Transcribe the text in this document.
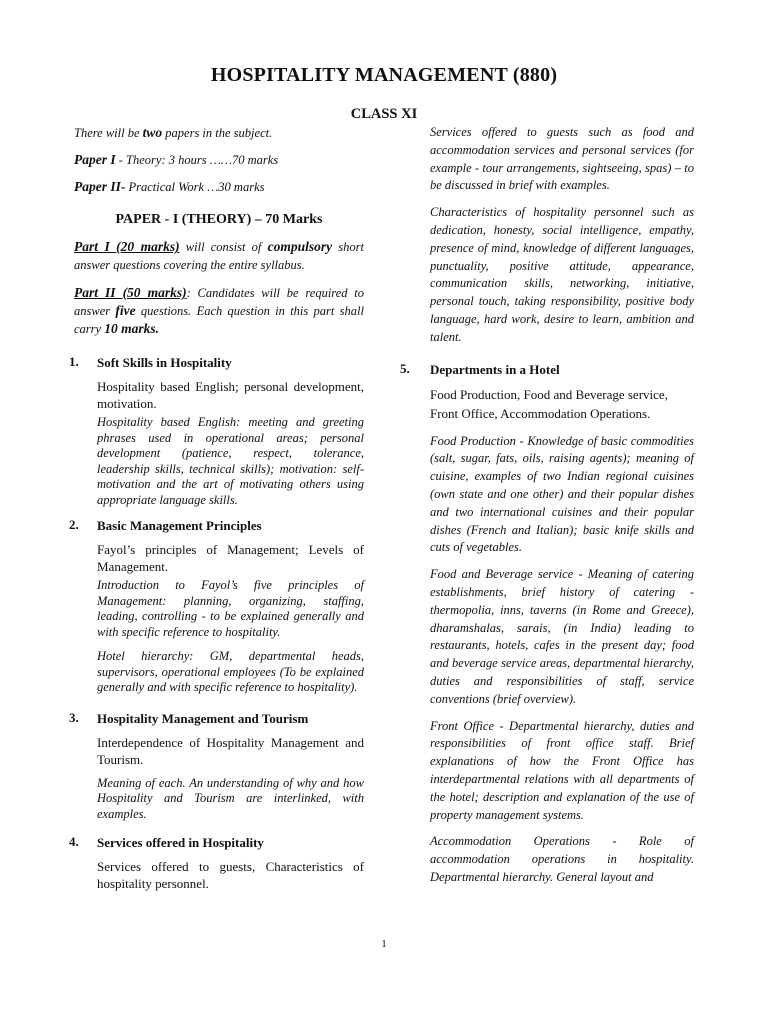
HOSPITALITY MANAGEMENT (880)
CLASS XI

There will be two papers in the subject.

Paper I - Theory: 3 hours ……70 marks

Paper II- Practical Work …30 marks

PAPER - I (THEORY) – 70 Marks

Part I (20 marks) will consist of compulsory short answer questions covering the entire syllabus.

Part II (50 marks): Candidates will be required to answer five questions. Each question in this part shall carry 10 marks.

1. Soft Skills in Hospitality

Hospitality based English; personal development, motivation.

Hospitality based English: meeting and greeting phrases used in operational areas; personal development (patience, respect, tolerance, leadership skills, technical skills); motivation: self-motivation and the art of motivating others using appropriate language skills.

2. Basic Management Principles

Fayol’s principles of Management; Levels of Management.

Introduction to Fayol’s five principles of Management: planning, organizing, staffing, leading, controlling - to be explained generally and with specific reference to hospitality.

Hotel hierarchy: GM, departmental heads, supervisors, operational employees (To be explained generally and with specific reference to hospitality).

3. Hospitality Management and Tourism

Interdependence of Hospitality Management and Tourism.

Meaning of each. An understanding of why and how Hospitality and Tourism are interlinked, with examples.

4. Services offered in Hospitality

Services offered to guests, Characteristics of hospitality personnel.

Services offered to guests such as food and accommodation services and personal services (for example - tour arrangements, sightseeing, spas) – to be discussed in brief with examples.

Characteristics of hospitality personnel such as dedication, honesty, social intelligence, empathy, presence of mind, knowledge of different languages, punctuality, positive attitude, appearance, communication skills, networking, initiative, personal touch, taking responsibility, positive body language, hard work, desire to learn, ambition and talent.

5. Departments in a Hotel

Food Production, Food and Beverage service, Front Office, Accommodation Operations.

Food Production - Knowledge of basic commodities (salt, sugar, fats, oils, raising agents); meaning of cuisine, examples of two Indian regional cuisines (own state and one other) and their popular dishes and two international cuisines and their popular dishes (French and Italian); basic knife skills and cuts of vegetables.

Food and Beverage service - Meaning of catering establishments, brief history of catering - thermopolia, inns, taverns (in Rome and Greece), dharamshalas, sarais, (in India) leading to restaurants, hotels, cafes in the present day; food and beverage service areas, departmental hierarchy, duties and responsibilities of staff, service conventions (brief overview).

Front Office - Departmental hierarchy, duties and responsibilities of front office staff. Brief explanations of how the Front Office has interdepartmental relations with all departments of the hotel; description and explanation of the use of property management systems.

Accommodation Operations - Role of accommodation operations in hospitality. Departmental hierarchy. General layout and

1
